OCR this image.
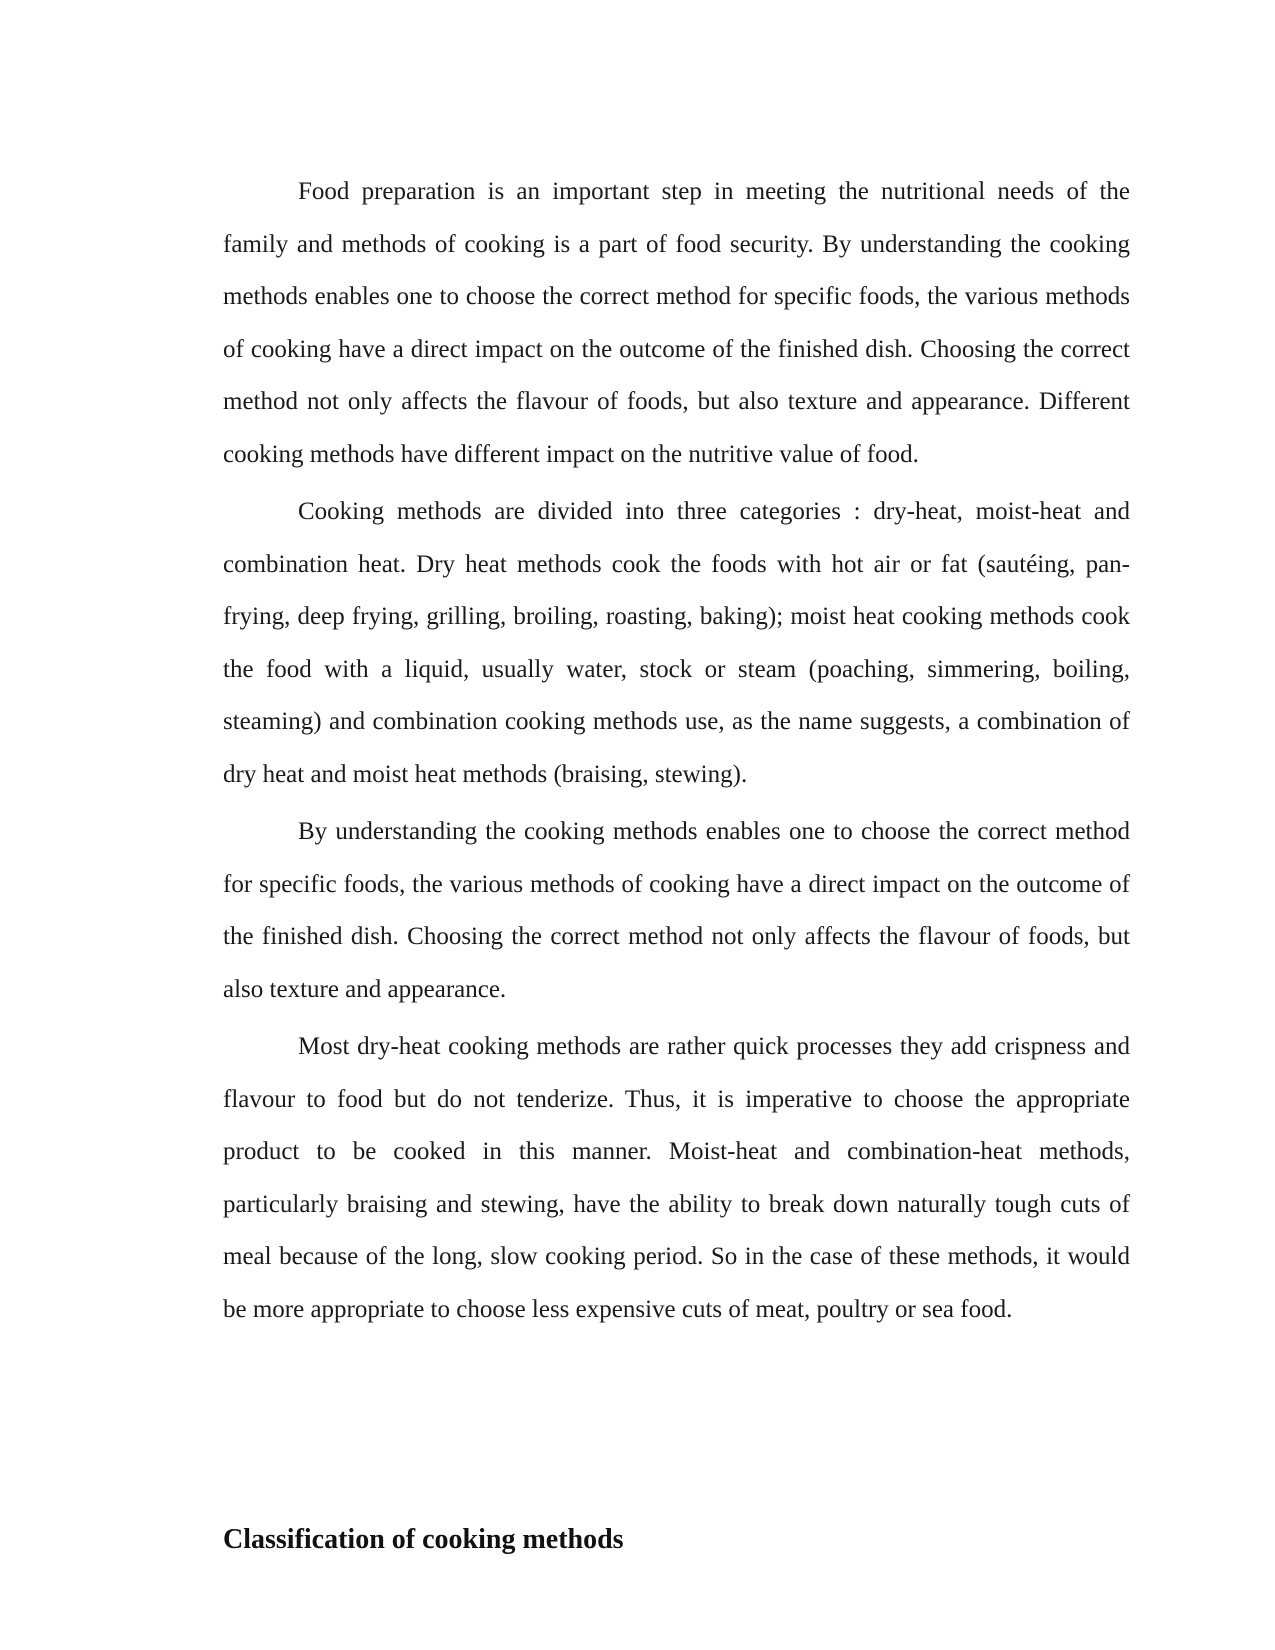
Food preparation is an important step in meeting the nutritional needs of the family and methods of cooking is a part of food security. By understanding the cooking methods enables one to choose the correct method for specific foods, the various methods of cooking have a direct impact on the outcome of the finished dish. Choosing the correct method not only affects the flavour of foods, but also texture and appearance. Different cooking methods have different impact on the nutritive value of food.

Cooking methods are divided into three categories : dry-heat, moist-heat and combination heat. Dry heat methods cook the foods with hot air or fat (sautéing, pan-frying, deep frying, grilling, broiling, roasting, baking); moist heat cooking methods cook the food with a liquid, usually water, stock or steam (poaching, simmering, boiling, steaming) and combination cooking methods use, as the name suggests, a combination of dry heat and moist heat methods (braising, stewing).

By understanding the cooking methods enables one to choose the correct method for specific foods, the various methods of cooking have a direct impact on the outcome of the finished dish. Choosing the correct method not only affects the flavour of foods, but also texture and appearance.

Most dry-heat cooking methods are rather quick processes they add crispness and flavour to food but do not tenderize. Thus, it is imperative to choose the appropriate product to be cooked in this manner. Moist-heat and combination-heat methods, particularly braising and stewing, have the ability to break down naturally tough cuts of meal because of the long, slow cooking period. So in the case of these methods, it would be more appropriate to choose less expensive cuts of meat, poultry or sea food.

Classification of cooking methods
